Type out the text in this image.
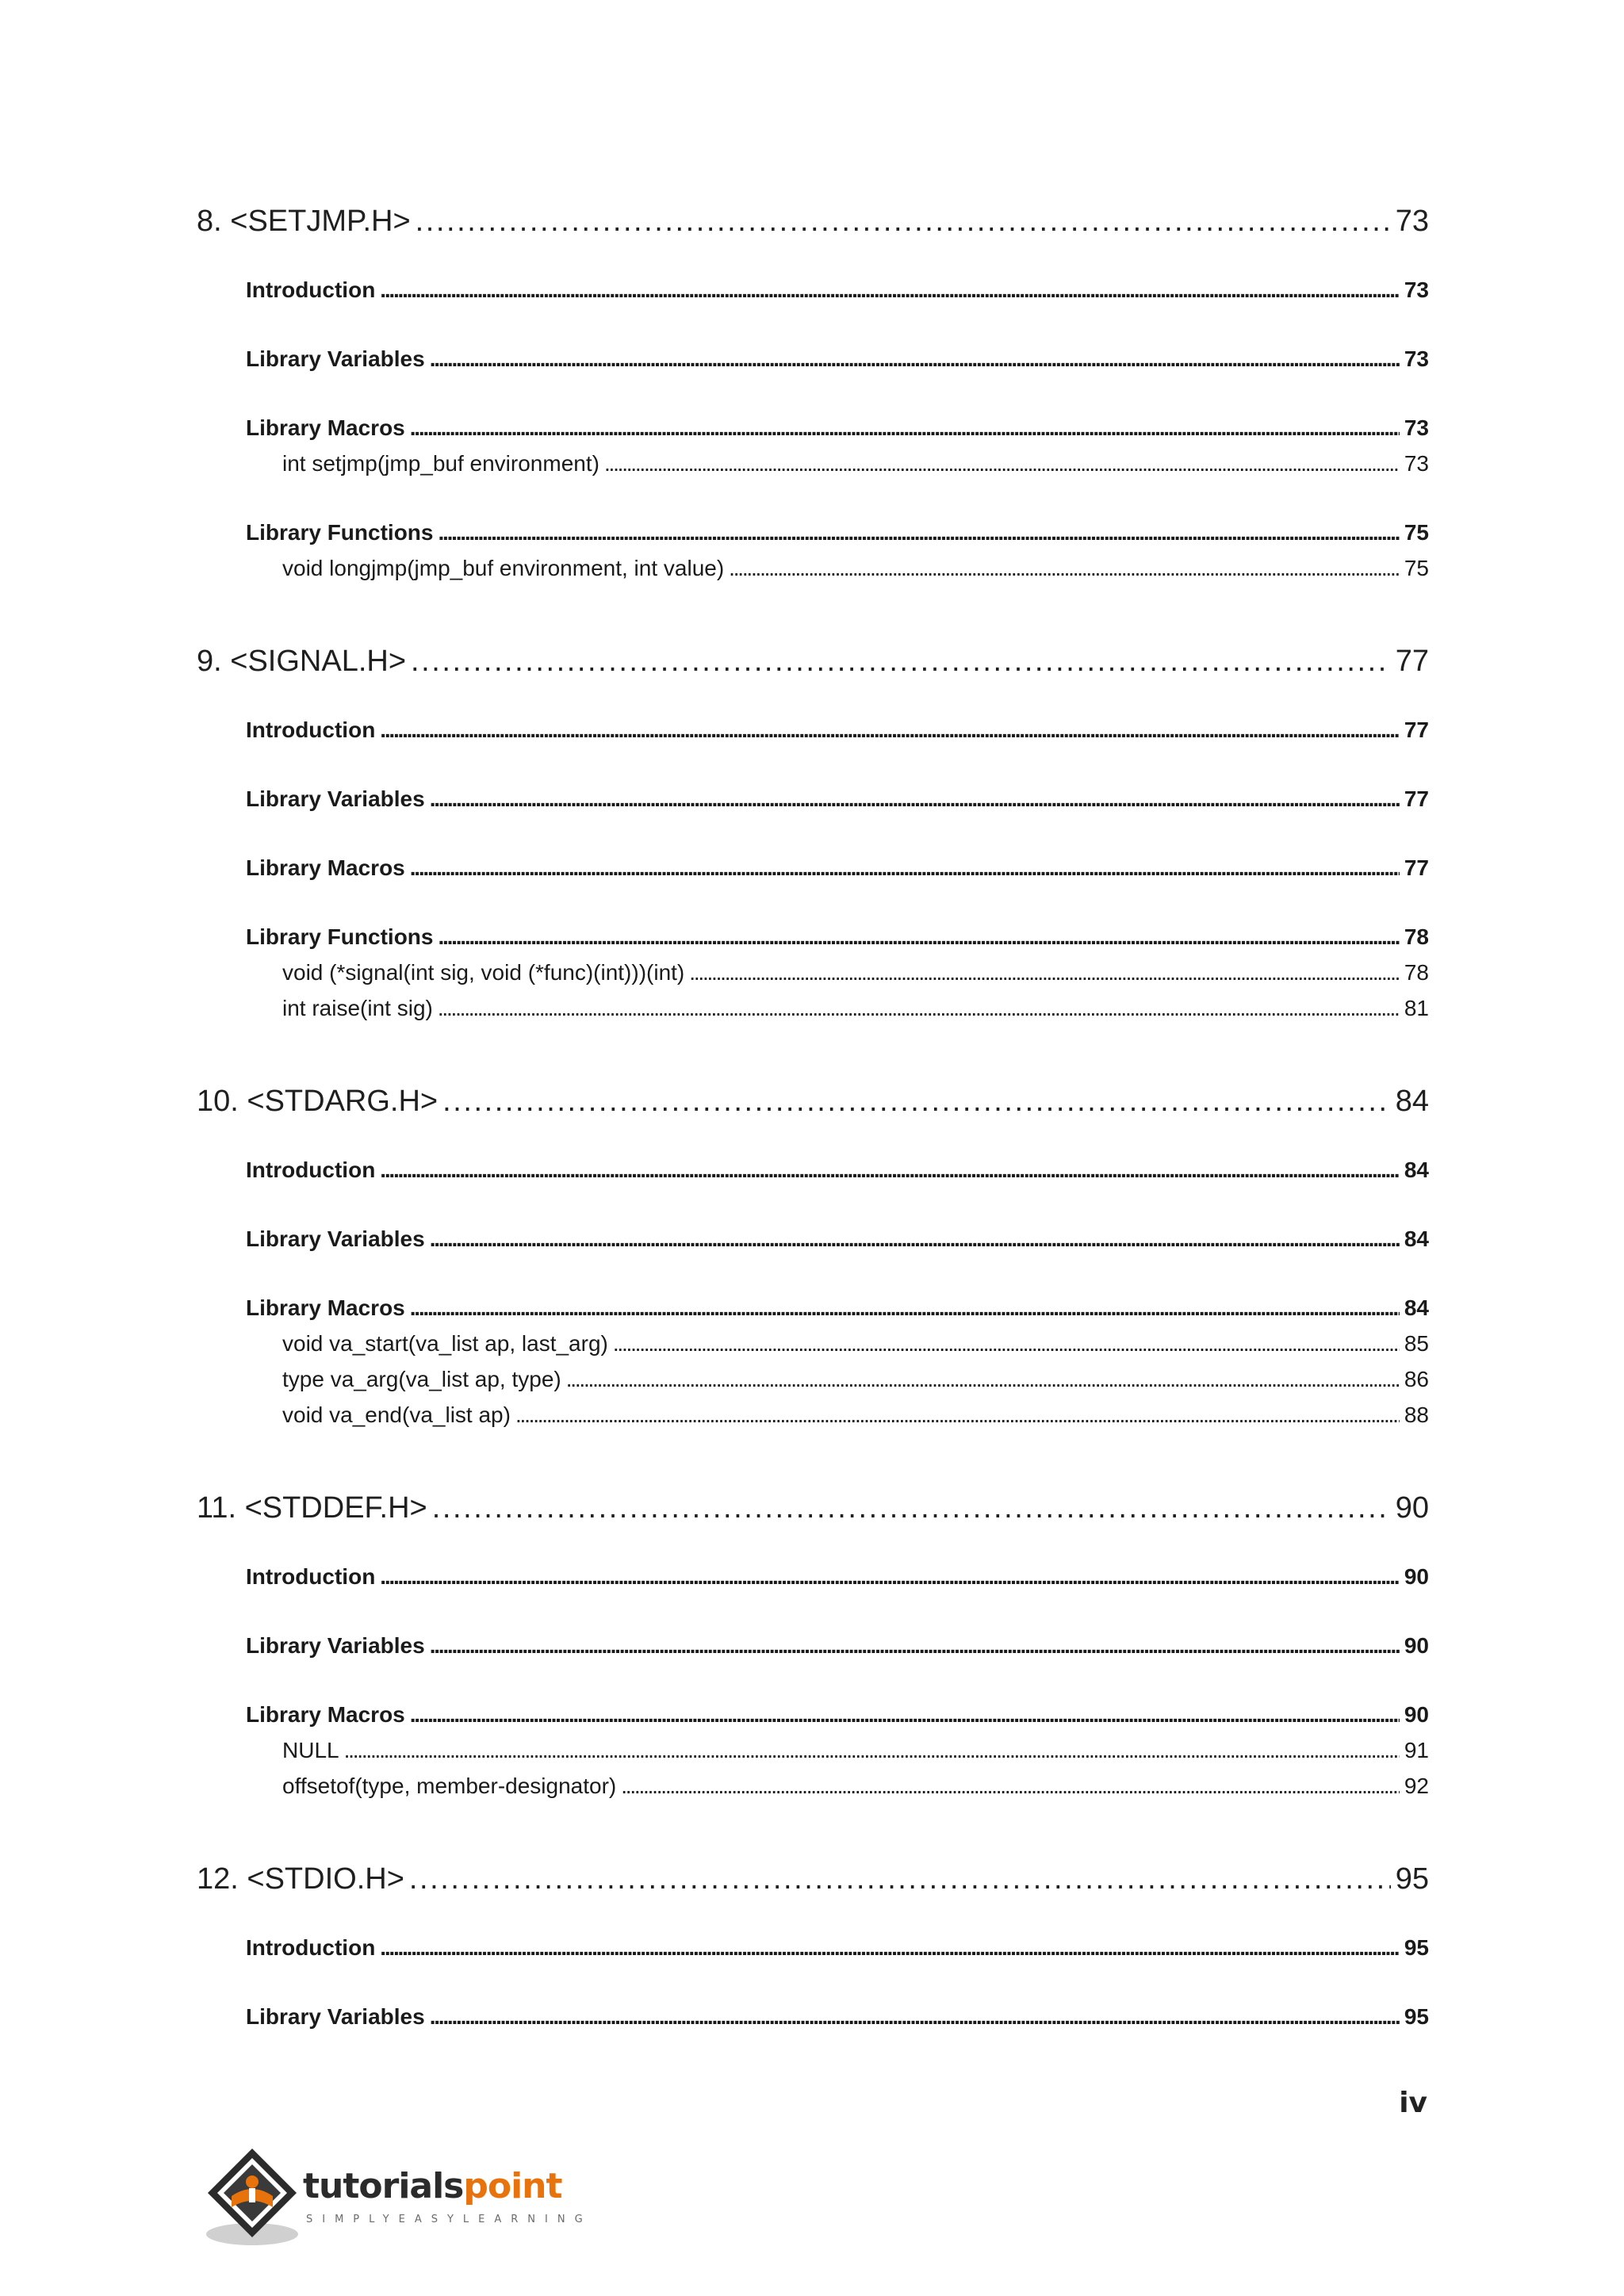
8. <SETJMP.H> . . .	73
Introduction . . .	73
Library Variables . . .	73
Library Macros . . .	73
int setjmp(jmp_buf environment) . . .	73
Library Functions . . .	75
void longjmp(jmp_buf environment, int value) . . .	75
9. <SIGNAL.H> . . .	77
Introduction . . .	77
Library Variables . . .	77
Library Macros . . .	77
Library Functions . . .	78
void (*signal(int sig, void (*func)(int)))(int) . . .	78
int raise(int sig) . . .	81
10. <STDARG.H> . . .	84
Introduction . . .	84
Library Variables . . .	84
Library Macros . . .	84
void va_start(va_list ap, last_arg) . . .	85
type va_arg(va_list ap, type) . . .	86
void va_end(va_list ap) . . .	88
11. <STDDEF.H> . . .	90
Introduction . . .	90
Library Variables . . .	90
Library Macros . . .	90
NULL . . .	91
offsetof(type, member-designator) . . .	92
12. <STDIO.H> . . .	95
Introduction . . .	95
Library Variables . . .	95
iv
tutorialspoint
SIMPLYEASYLEARNING
